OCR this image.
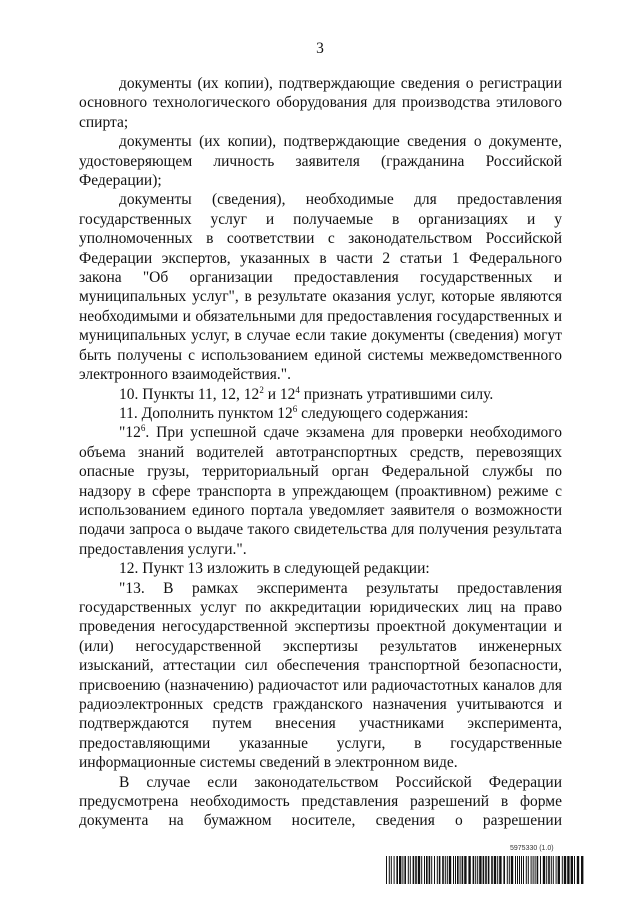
3

документы (их копии), подтверждающие сведения о регистрации основного технологического оборудования для производства этилового спирта;

документы (их копии), подтверждающие сведения о документе, удостоверяющем личность заявителя (гражданина Российской Федерации);

документы (сведения), необходимые для предоставления государственных услуг и получаемые в организациях и у уполномоченных в соответствии с законодательством Российской Федерации экспертов, указанных в части 2 статьи 1 Федерального закона "Об организации предоставления государственных и муниципальных услуг", в результате оказания услуг, которые являются необходимыми и обязательными для предоставления государственных и муниципальных услуг, в случае если такие документы (сведения) могут быть получены с использованием единой системы межведомственного электронного взаимодействия.".

10. Пункты 11, 12, $12^2$ и $12^4$ признать утратившими силу.

11. Дополнить пунктом $12^6$ следующего содержания:

"$12^6$. При успешной сдаче экзамена для проверки необходимого объема знаний водителей автотранспортных средств, перевозящих опасные грузы, территориальный орган Федеральной службы по надзору в сфере транспорта в упреждающем (проактивном) режиме с использованием единого портала уведомляет заявителя о возможности подачи запроса о выдаче такого свидетельства для получения результата предоставления услуги.".

12. Пункт 13 изложить в следующей редакции:

"13. В рамках эксперимента результаты предоставления государственных услуг по аккредитации юридических лиц на право проведения негосударственной экспертизы проектной документации и (или) негосударственной экспертизы результатов инженерных изысканий, аттестации сил обеспечения транспортной безопасности, присвоению (назначению) радиочастот или радиочастотных каналов для радиоэлектронных средств гражданского назначения учитываются и подтверждаются путем внесения участниками эксперимента, предоставляющими указанные услуги, в государственные информационные системы сведений в электронном виде.

В случае если законодательством Российской Федерации предусмотрена необходимость представления разрешений в форме документа на бумажном носителе, сведения о разрешении

5975330 (1.0)
